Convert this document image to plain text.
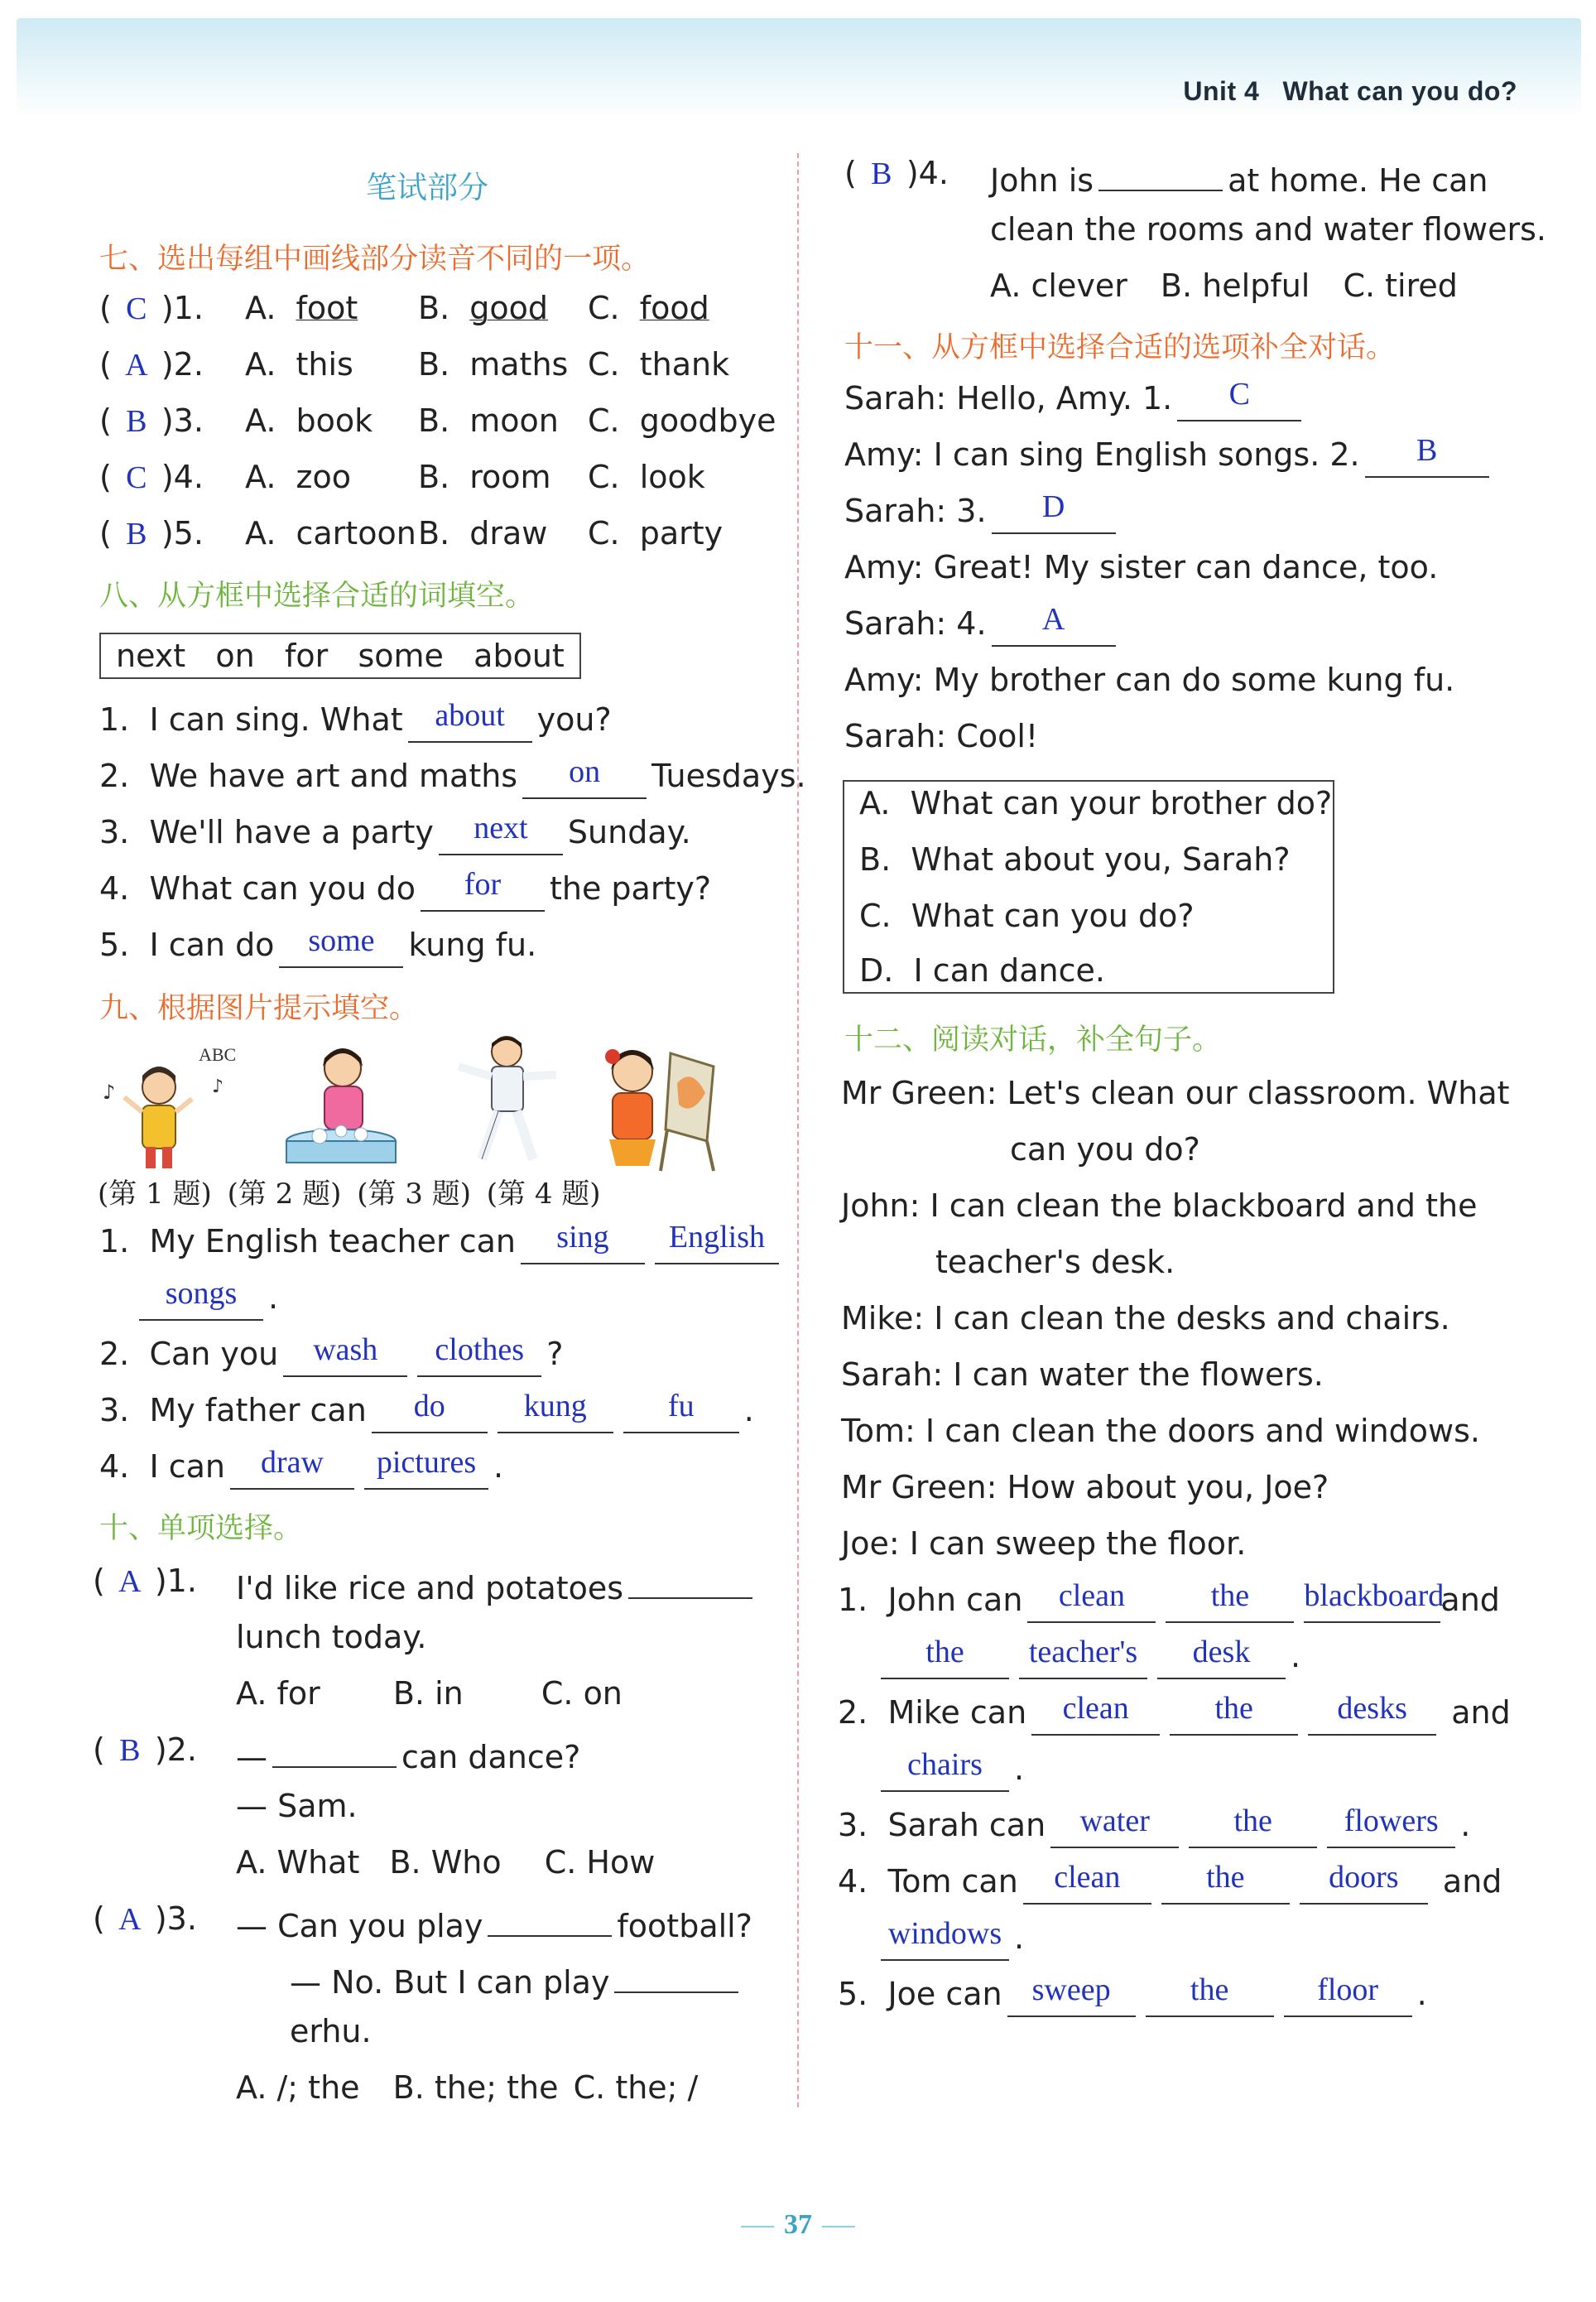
Unit 4 What can you do?
笔试部分
七、选出每组中画线部分读音不同的一项。
( C )1. A. foot B. good C. food
( A )2. A. this B. maths C. thank
( B )3. A. book B. moon C. goodbye
( C )4. A. zoo B. room C. look
( B )5. A. cartoon B. draw C. party
八、从方框中选择合适的词填空。
next   on   for   some   about
1. I can sing. What about you?
2. We have art and maths on Tuesdays.
3. We'll have a party next Sunday.
4. What can you do for the party?
5. I can do some kung fu.
九、根据图片提示填空。
ABC
♪	♪
(第 1 题) (第 2 题) (第 3 题) (第 4 题)
1. My English teacher can sing English
songs .
2. Can you wash clothes ?
3. My father can do	kung	fu .
4. I can draw pictures .
十、单项选择。
( A )1. I'd like rice and potatoes
lunch today.
A. for B. in C. on
( B )2. —	can dance?
— Sam.
A. What B. Who C. How
( A )3. — Can you play	football?
— No. But I can play
erhu.
A. /; the B. the; the C. the; /
( B )4. John is	at home. He can
clean the rooms and water flowers.
A. clever B. helpful C. tired
十一、从方框中选择合适的选项补全对话。
Sarah: Hello, Amy. 1. C
Amy: I can sing English songs. 2. B
Sarah: 3. D
Amy: Great! My sister can dance, too.
Sarah: 4. A
Amy: My brother can do some kung fu.
Sarah: Cool!
A. What can your brother do?
B. What about you, Sarah?
C. What can you do?
D. I can dance.
十二、阅读对话，补全句子。
Mr Green: Let's clean our classroom. What
can you do?
John: I can clean the blackboard and the
teacher's desk.
Mike: I can clean the desks and chairs.
Sarah: I can water the flowers.
Tom: I can clean the doors and windows.
Mr Green: How about you, Joe?
Joe: I can sweep the floor.
1. John can clean	the blackboardand
the teacher's desk .
2. Mike can clean	the	desks and
chairs .
3. Sarah can water	the flowers .
4. Tom can clean	the	doors and
windows .
5. Joe can sweep	the	floor .
37
